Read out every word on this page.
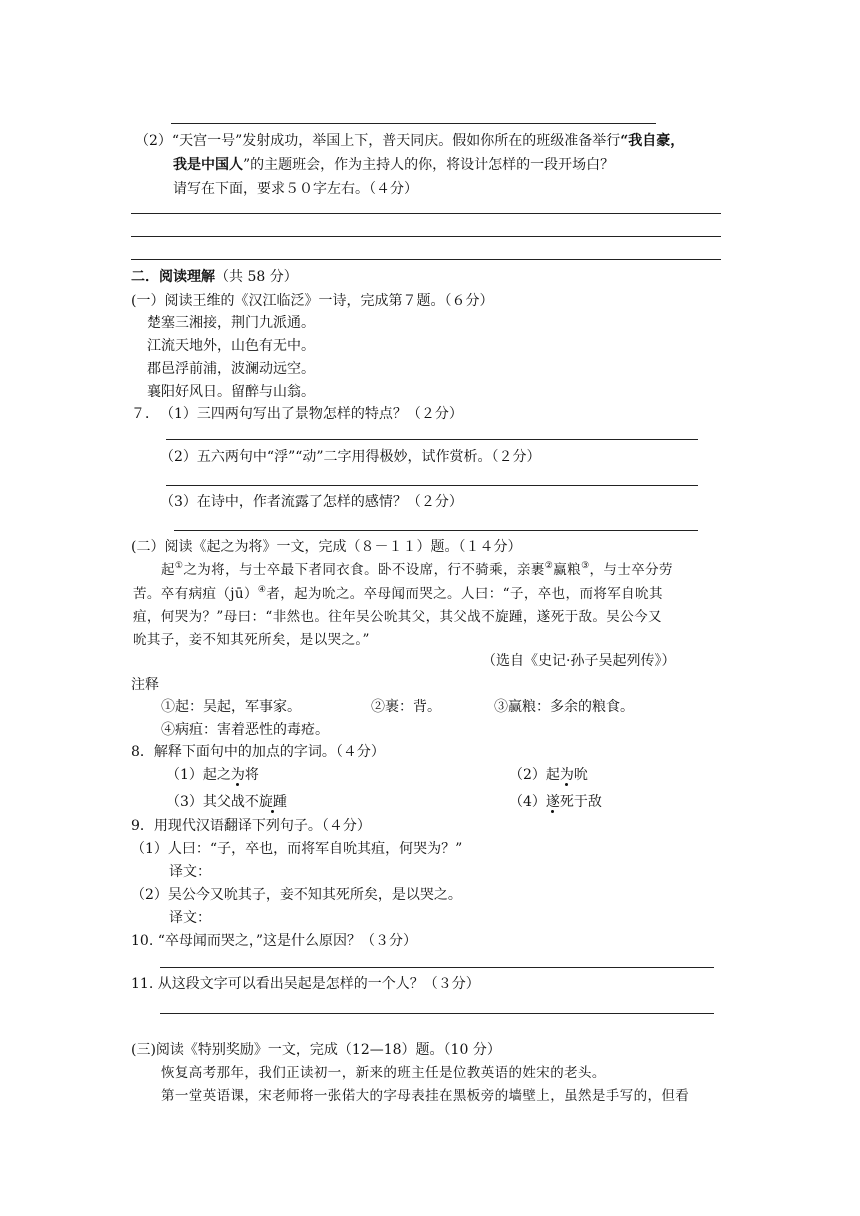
（2）“天宫一号”发射成功，举国上下，普天同庆。假如你所在的班级准备举行“我自豪，
我是中国人”的主题班会，作为主持人的你，将设计怎样的一段开场白？
请写在下面，要求５０字左右。（４分）
二．阅读理解（共 58 分）
(一）阅读王维的《汉江临泛》一诗，完成第７题。（６分）
楚塞三湘接，荆门九派通。
江流天地外，山色有无中。
郡邑浮前浦，波澜动远空。
襄阳好风日。留醉与山翁。
７． （1）三四两句写出了景物怎样的特点？（２分）
（2）五六两句中“浮”“动”二字用得极妙，试作赏析。（２分）
（3）在诗中，作者流露了怎样的感情？（２分）
(二）阅读《起之为将》一文，完成（８－１１）题。（１４分）
起①之为将，与士卒最下者同衣食。卧不设席，行不骑乘，亲裹②赢粮③，与士卒分劳
苦。卒有病疽（jū）④者，起为吮之。卒母闻而哭之。人曰：“子，卒也，而将军自吮其
疽，何哭为？”母曰：“非然也。往年吴公吮其父，其父战不旋踵，遂死于敌。吴公今又
吮其子，妾不知其死所矣，是以哭之。”
（选自《史记·孙子吴起列传》）
注释
①起：吴起，军事家。	②裹：背。	③赢粮：多余的粮食。
④病疽：害着恶性的毒疮。
8．解释下面句中的加点的字词。（４分）
（1）起之为将	（2）起为吮
（3）其父战不旋踵	（4）遂死于敌
9．用现代汉语翻译下列句子。（４分）
（1）人曰：“子，卒也，而将军自吮其疽，何哭为？”
译文：
（2）吴公今又吮其子，妾不知其死所矣，是以哭之。
译文：
10. “卒母闻而哭之，”这是什么原因？（３分）
11. 从这段文字可以看出吴起是怎样的一个人？（３分）
(三)阅读《特别奖励》一文，完成（12—18）题。（10 分）
恢复高考那年，我们正读初一，新来的班主任是位教英语的姓宋的老头。
第一堂英语课，宋老师将一张偌大的字母表挂在黑板旁的墙壁上，虽然是手写的，但看
